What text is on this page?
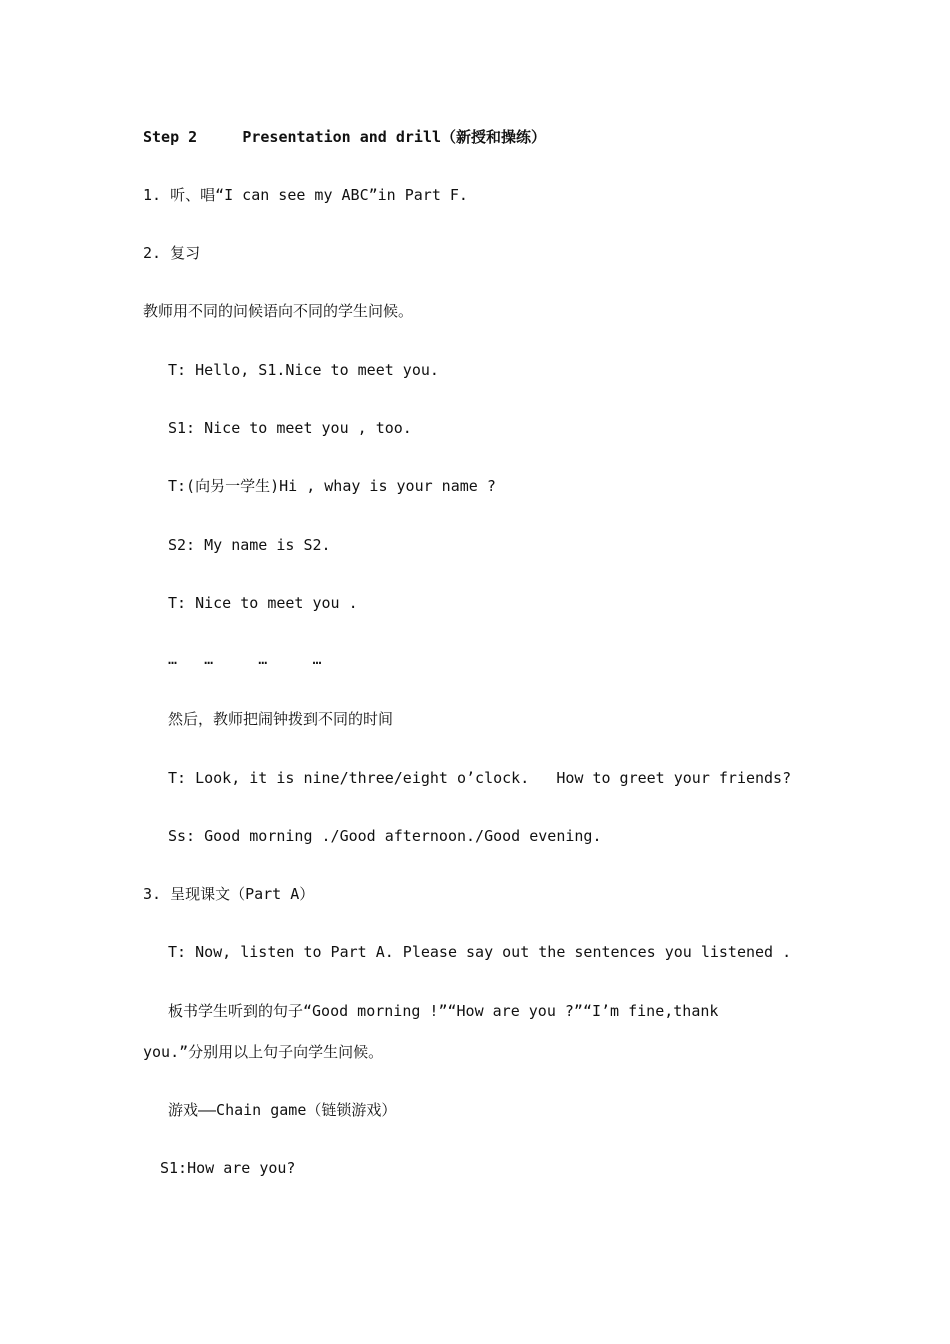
Step 2     Presentation and drill（新授和操练）
1. 听、唱“I can see my ABC”in Part F.
2. 复习
教师用不同的问候语向不同的学生问候。
T: Hello, S1.Nice to meet you.
S1: Nice to meet you , too.
T:(向另一学生)Hi , whay is your name ?
S2: My name is S2.
T: Nice to meet you .
…   …     …     …
然后，教师把闹钟拨到不同的时间
T: Look, it is nine/three/eight o’clock.   How to greet your friends?
Ss: Good morning ./Good afternoon./Good evening.
3. 呈现课文（Part A）
T: Now, listen to Part A. Please say out the sentences you listened .
板书学生听到的句子“Good morning !”“How are you ?”“I’m fine,thank
you.”分别用以上句子向学生问候。
游戏——Chain game（链锁游戏）
S1:How are you?
